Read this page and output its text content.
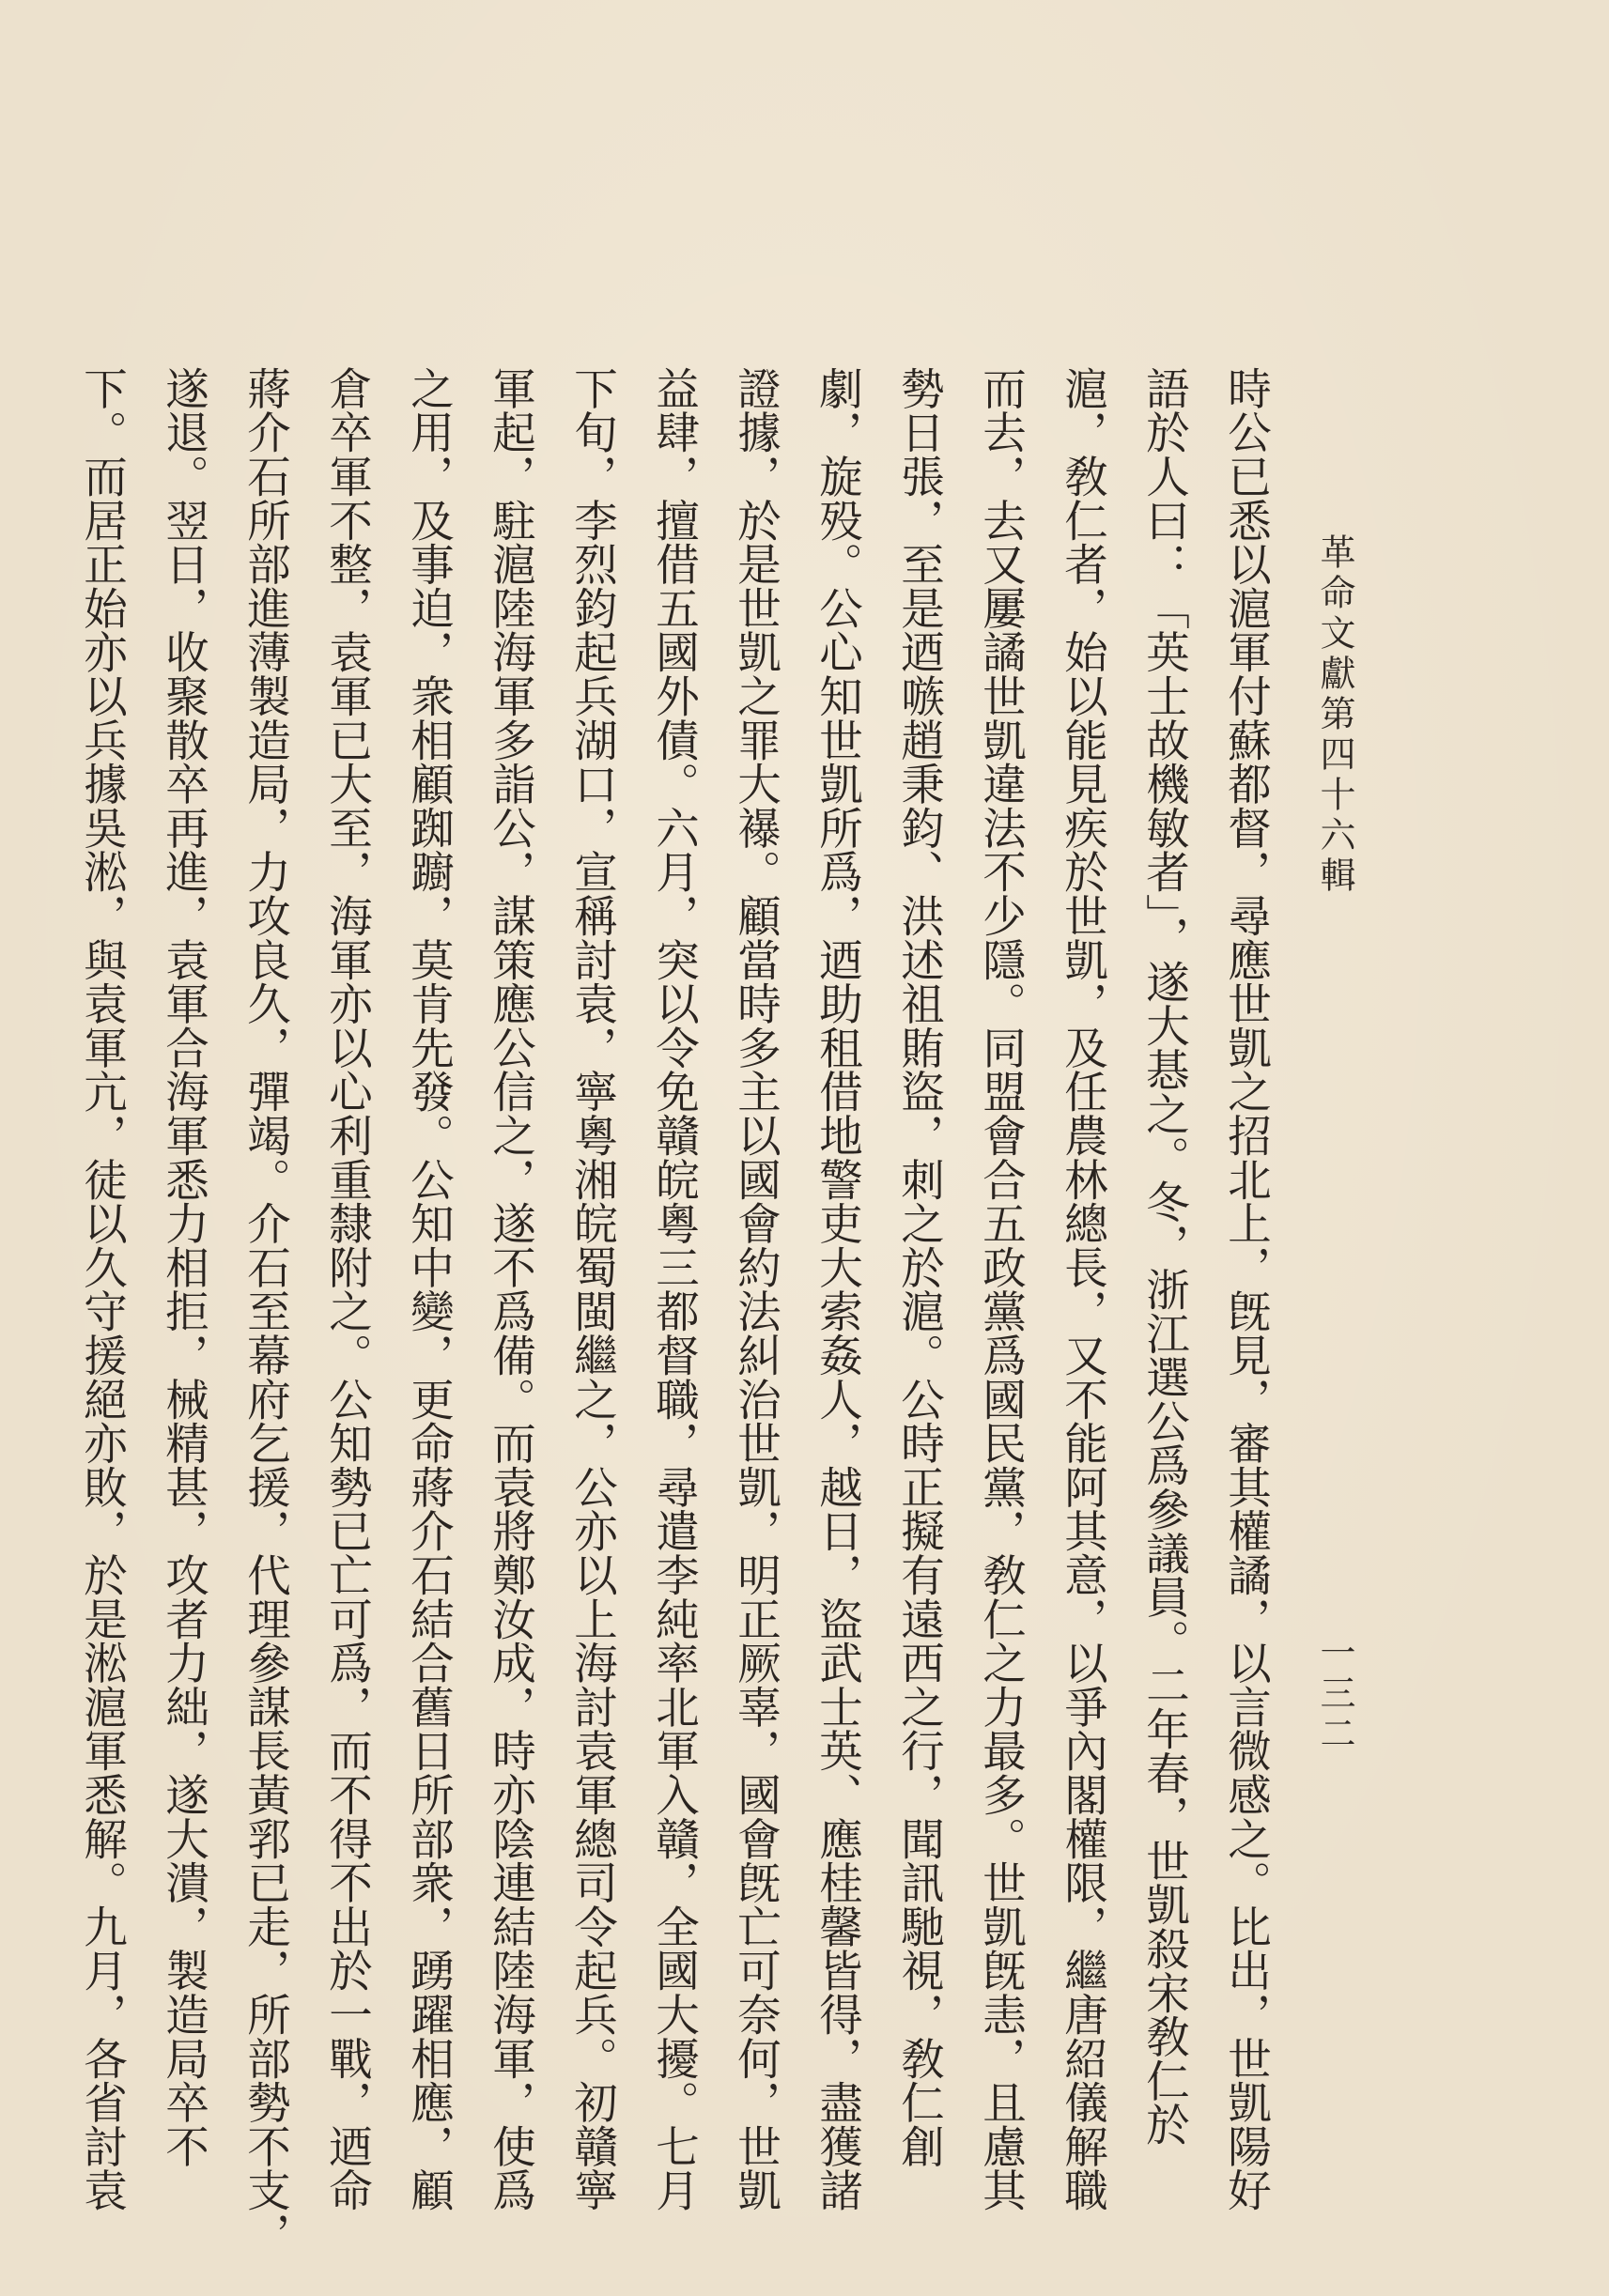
革命文獻第四十六輯
一三二
時公已悉以滬軍付蘇都督，尋應世凱之招北上，旣見，審其權譎，以言微感之。比出，世凱陽好
語於人曰：「英士故機敏者」，遂大惎之。冬，浙江選公爲參議員。二年春，世凱殺宋敎仁於
滬，敎仁者，始以能見疾於世凱，及任農林總長，又不能阿其意，以爭內閣權限，繼唐紹儀解職
而去，去又屢譎世凱違法不少隱。同盟會合五政黨爲國民黨，敎仁之力最多。世凱旣恚，且慮其
勢日張，至是迺嗾趙秉鈞、洪述祖賄盜，刺之於滬。公時正擬有遠西之行，聞訊馳視，敎仁創
劇，旋殁。公心知世凱所爲，迺助租借地警吏大索姦人，越日，盜武士英、應桂馨皆得，盡獲諸
證據，於是世凱之罪大襮。顧當時多主以國會約法糾治世凱，明正厥辜，國會旣亡可奈何，世凱
益肆，擅借五國外債。六月，突以令免贛皖粵三都督職，尋遣李純率北軍入贛，全國大擾。七月
下旬，李烈鈞起兵湖口，宣稱討袁，寧粵湘皖蜀閩繼之，公亦以上海討袁軍總司令起兵。初贛寧
軍起，駐滬陸海軍多詣公，謀策應公信之，遂不爲備。而袁將鄭汝成，時亦陰連結陸海軍，使爲
之用，及事迫，衆相顧踟躕，莫肯先發。公知中變，更命蔣介石結合舊日所部衆，踴躍相應，顧
倉卒軍不整，袁軍已大至，海軍亦以心利重隸附之。公知勢已亡可爲，而不得不出於一戰，迺命
蔣介石所部進薄製造局，力攻良久，彈竭。介石至幕府乞援，代理參謀長黃郛已走，所部勢不支，
遂退。翌日，收聚散卒再進，袁軍合海軍悉力相拒，械精甚，攻者力絀，遂大潰，製造局卒不
下。而居正始亦以兵據吳淞，與袁軍亢，徒以久守援絕亦敗，於是淞滬軍悉解。九月，各省討袁
